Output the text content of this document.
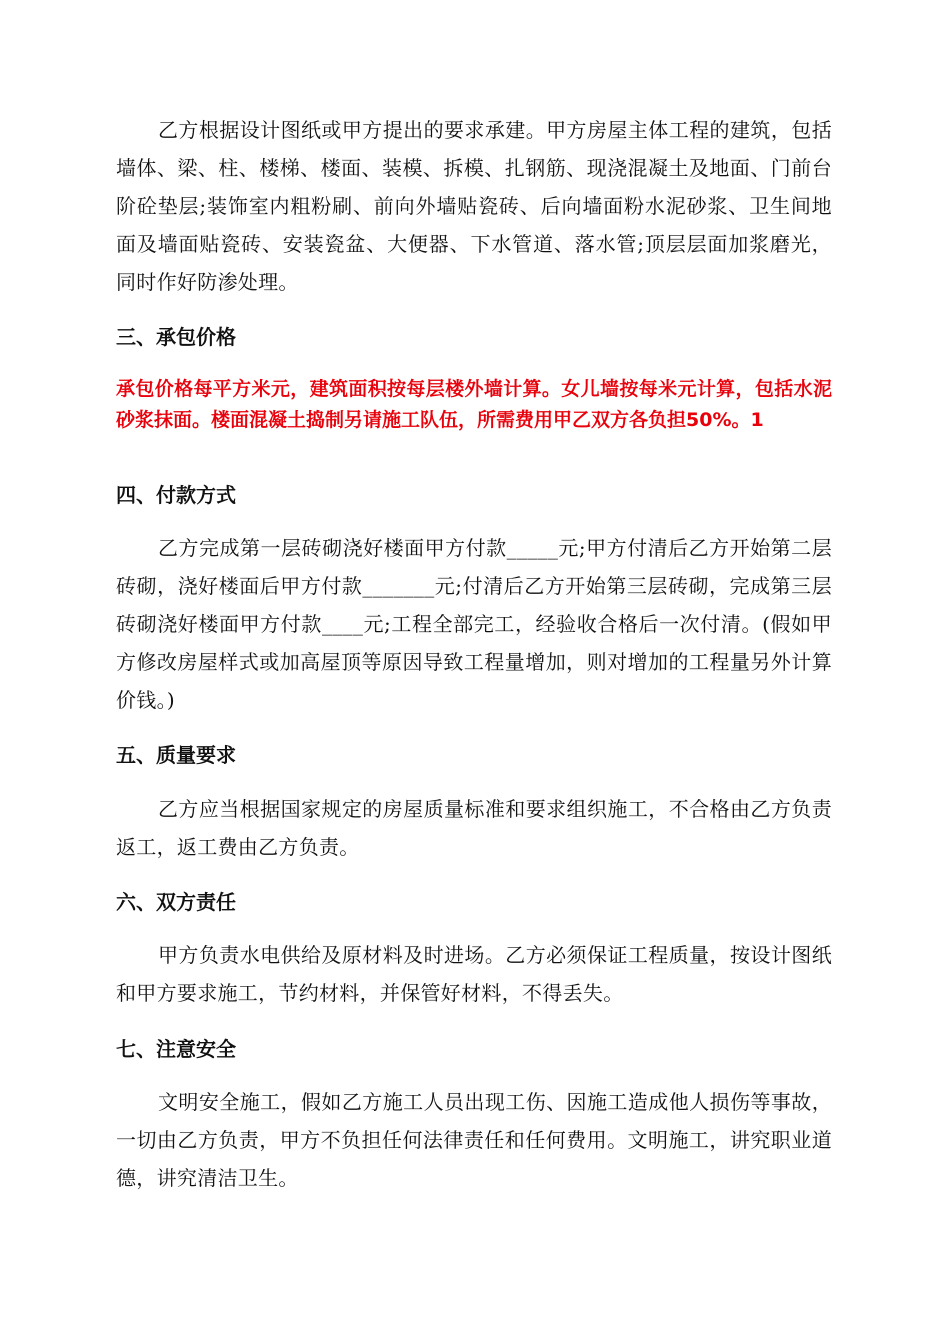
乙方根据设计图纸或甲方提出的要求承建。甲方房屋主体工程的建筑，包括墙体、梁、柱、楼梯、楼面、装模、拆模、扎钢筋、现浇混凝土及地面、门前台阶砼垫层;装饰室内粗粉刷、前向外墙贴瓷砖、后向墙面粉水泥砂浆、卫生间地面及墙面贴瓷砖、安装瓷盆、大便器、下水管道、落水管;顶层层面加浆磨光，同时作好防渗处理。

三、承包价格

承包价格每平方米元，建筑面积按每层楼外墙计算。女儿墙按每米元计算，包括水泥砂浆抹面。楼面混凝土捣制另请施工队伍，所需费用甲乙双方各负担50%。1

四、付款方式

乙方完成第一层砖砌浇好楼面甲方付款_____元;甲方付清后乙方开始第二层砖砌，浇好楼面后甲方付款_______元;付清后乙方开始第三层砖砌，完成第三层砖砌浇好楼面甲方付款____元;工程全部完工，经验收合格后一次付清。(假如甲方修改房屋样式或加高屋顶等原因导致工程量增加，则对增加的工程量另外计算价钱。)

五、质量要求

乙方应当根据国家规定的房屋质量标准和要求组织施工，不合格由乙方负责返工，返工费由乙方负责。

六、双方责任

甲方负责水电供给及原材料及时进场。乙方必须保证工程质量，按设计图纸和甲方要求施工，节约材料，并保管好材料，不得丢失。

七、注意安全

文明安全施工，假如乙方施工人员出现工伤、因施工造成他人损伤等事故，一切由乙方负责，甲方不负担任何法律责任和任何费用。文明施工，讲究职业道德，讲究清洁卫生。
